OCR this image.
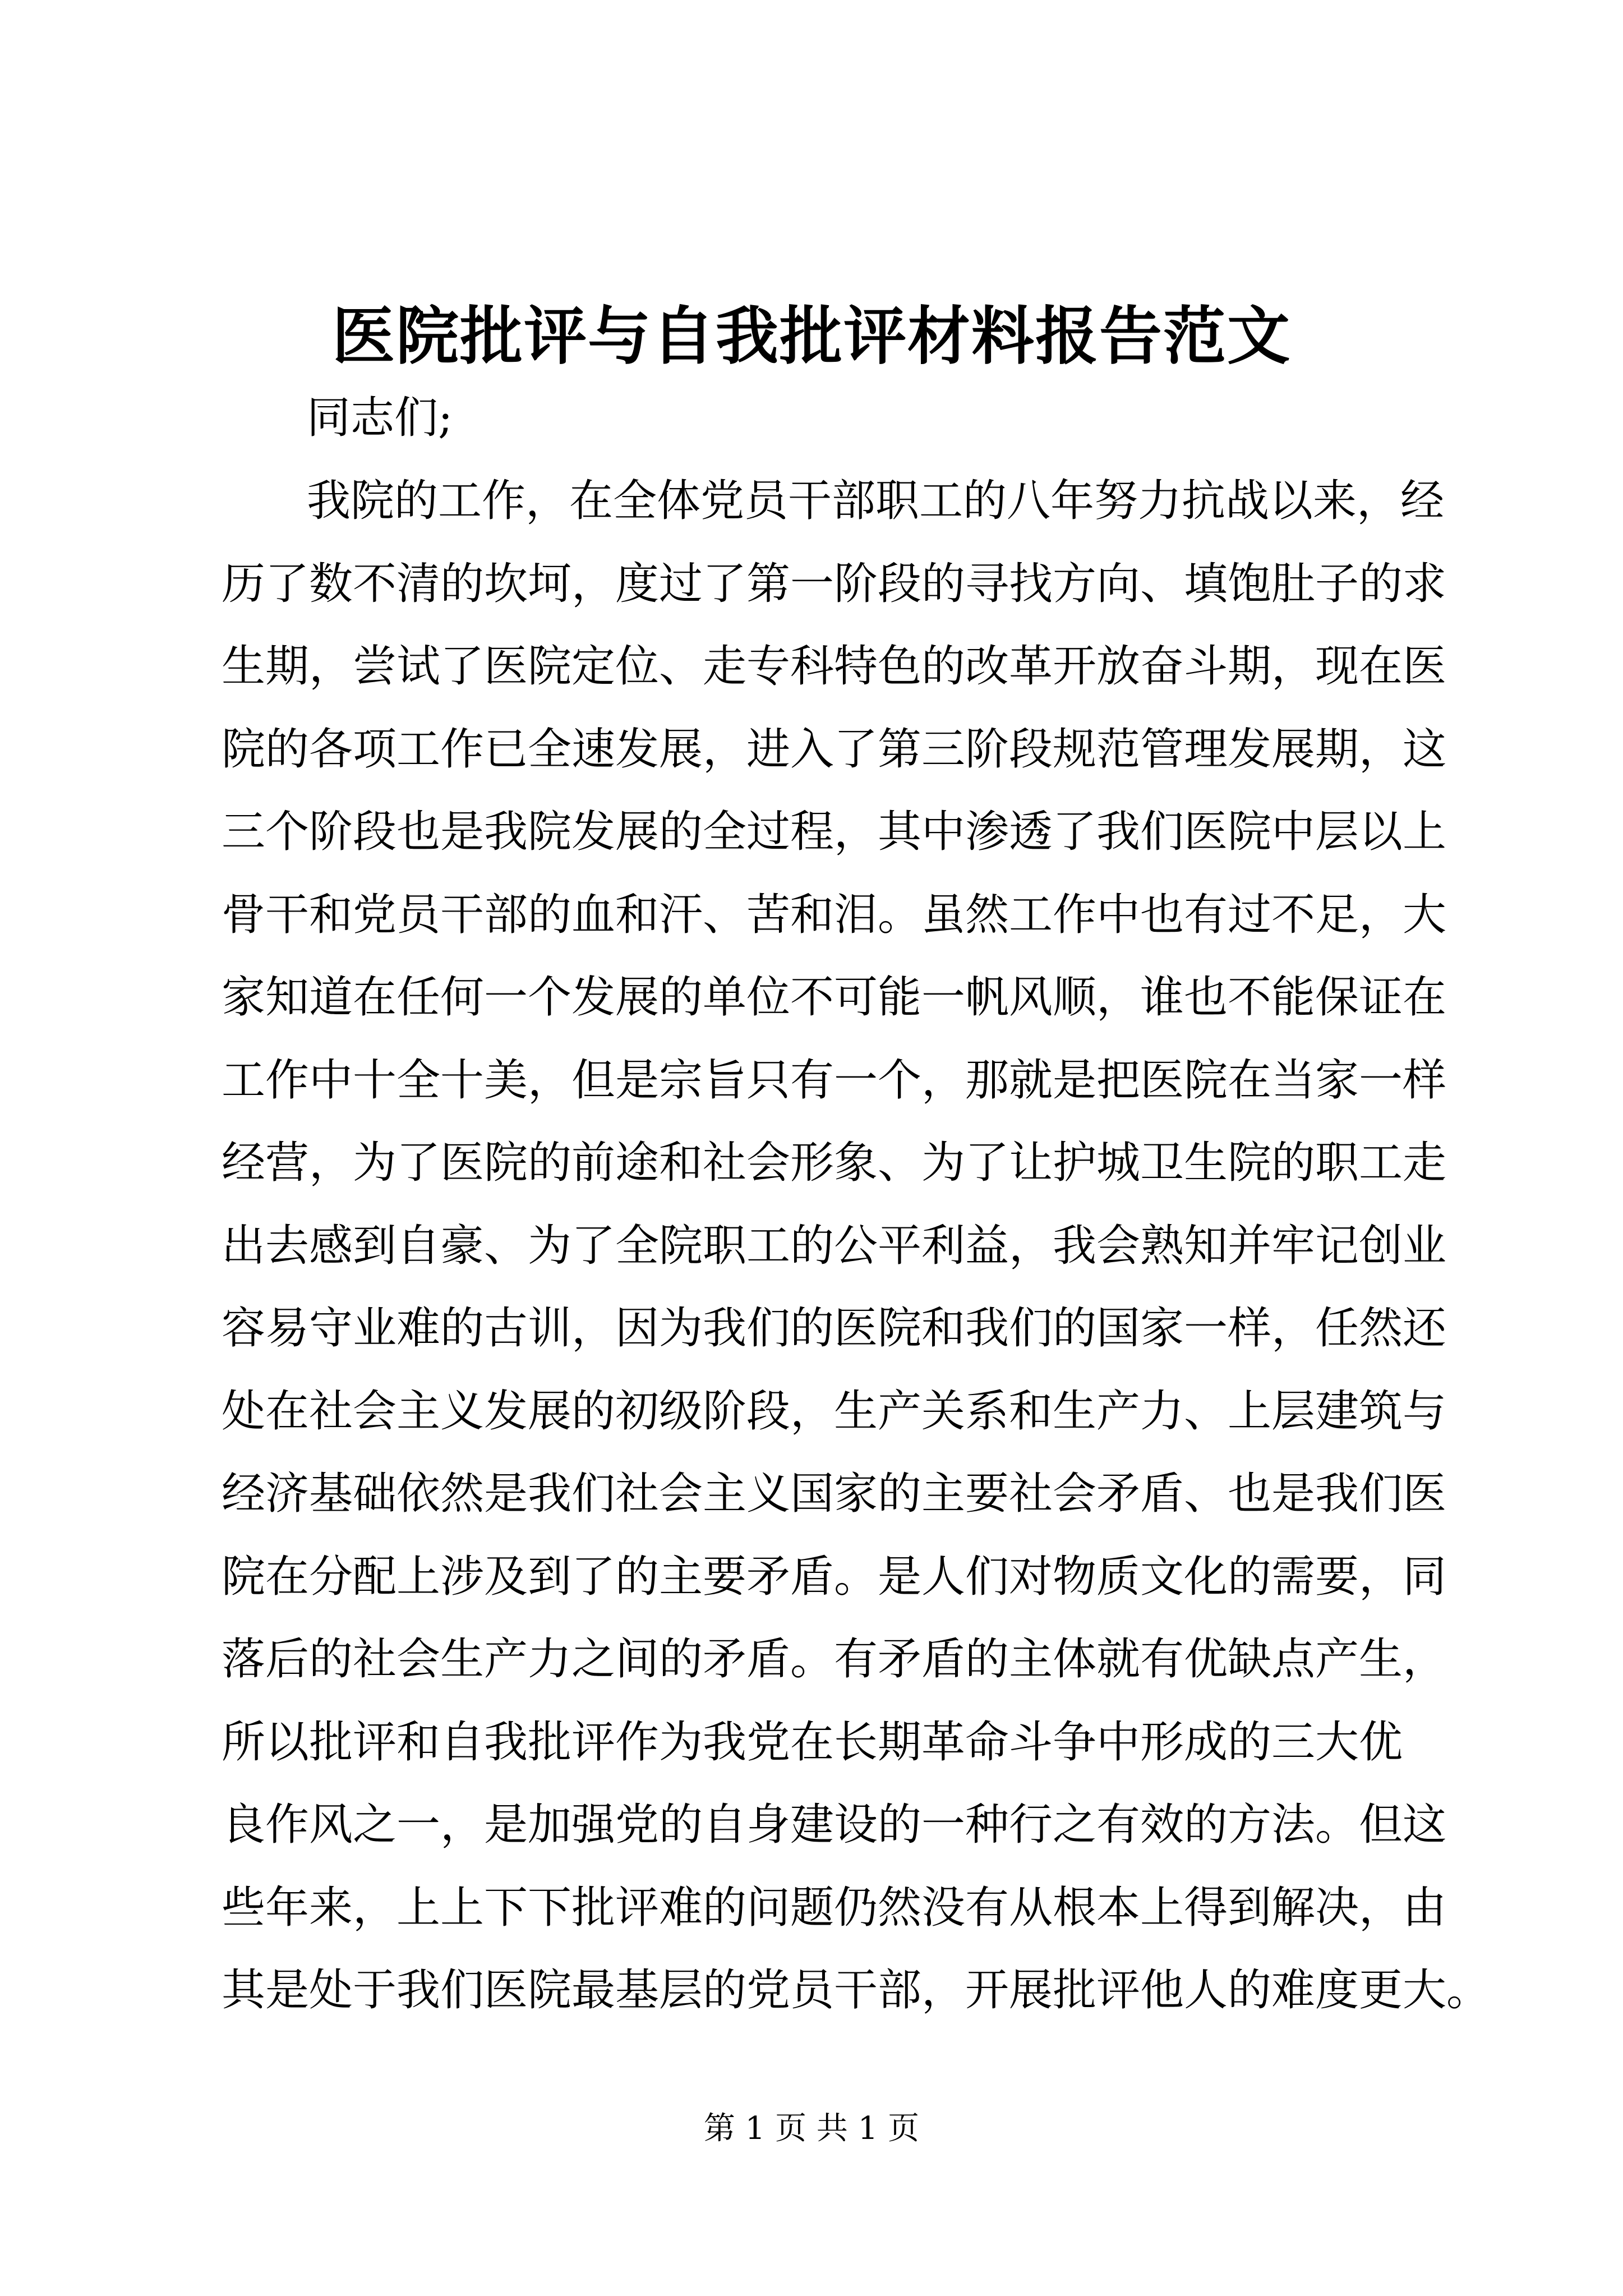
医院批评与自我批评材料报告范文

同志们;

我院的工作，在全体党员干部职工的八年努力抗战以来，经
历了数不清的坎坷，度过了第一阶段的寻找方向、填饱肚子的求
生期，尝试了医院定位、走专科特色的改革开放奋斗期，现在医
院的各项工作已全速发展，进入了第三阶段规范管理发展期，这
三个阶段也是我院发展的全过程，其中渗透了我们医院中层以上
骨干和党员干部的血和汗、苦和泪。虽然工作中也有过不足，大
家知道在任何一个发展的单位不可能一帆风顺，谁也不能保证在
工作中十全十美，但是宗旨只有一个，那就是把医院在当家一样
经营，为了医院的前途和社会形象、为了让护城卫生院的职工走
出去感到自豪、为了全院职工的公平利益，我会熟知并牢记创业
容易守业难的古训，因为我们的医院和我们的国家一样，任然还
处在社会主义发展的初级阶段，生产关系和生产力、上层建筑与
经济基础依然是我们社会主义国家的主要社会矛盾、也是我们医
院在分配上涉及到了的主要矛盾。是人们对物质文化的需要，同
落后的社会生产力之间的矛盾。有矛盾的主体就有优缺点产生，
所以批评和自我批评作为我党在长期革命斗争中形成的三大优
良作风之一，是加强党的自身建设的一种行之有效的方法。但这
些年来，上上下下批评难的问题仍然没有从根本上得到解决，由
其是处于我们医院最基层的党员干部，开展批评他人的难度更大。

第 1 页 共 1 页
